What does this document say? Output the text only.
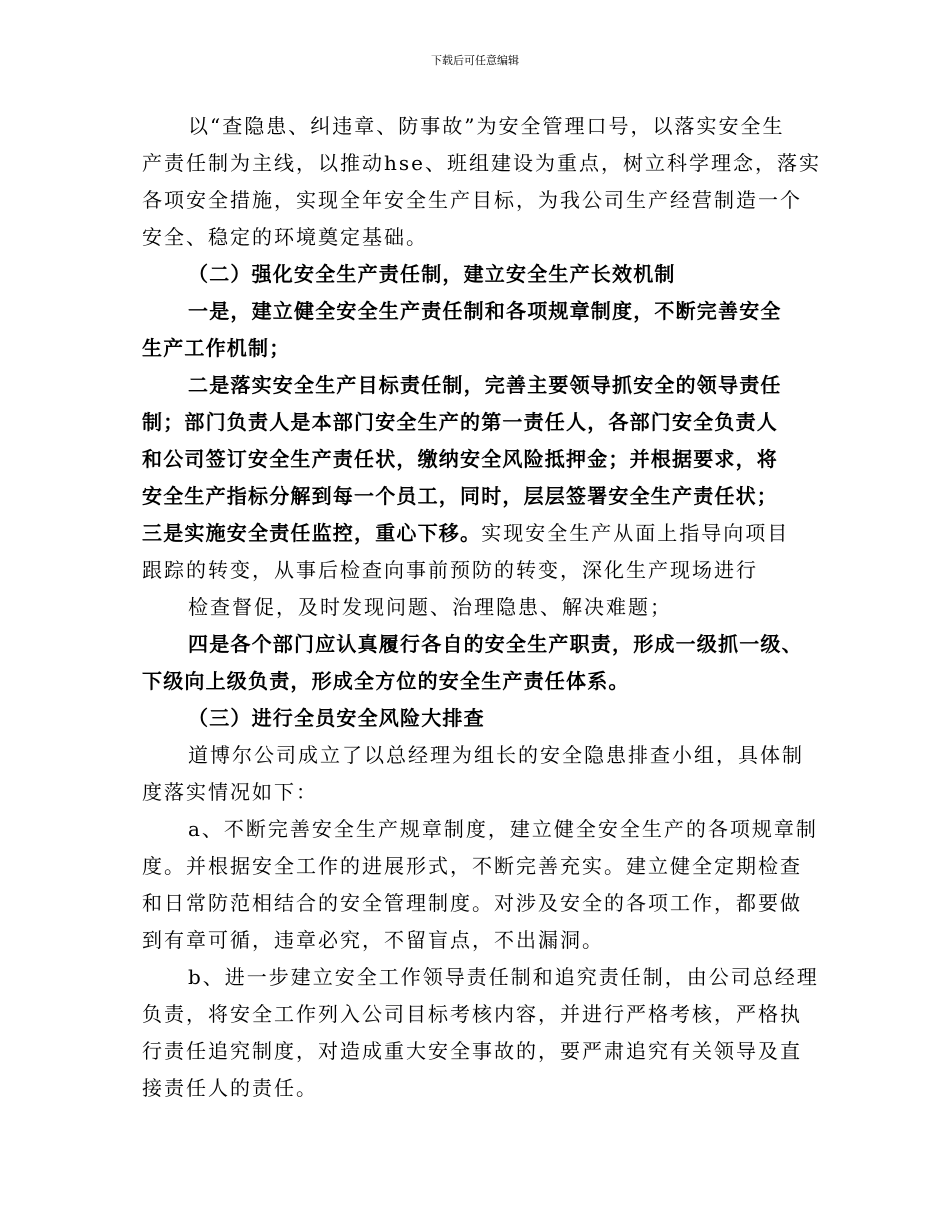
下载后可任意编辑
以“查隐患、纠违章、防事故”为安全管理口号，以落实安全生
产责任制为主线，以推动hse、班组建设为重点，树立科学理念，落实
各项安全措施，实现全年安全生产目标，为我公司生产经营制造一个
安全、稳定的环境奠定基础。
（二）强化安全生产责任制，建立安全生产长效机制
一是，建立健全安全生产责任制和各项规章制度，不断完善安全
生产工作机制；
二是落实安全生产目标责任制，完善主要领导抓安全的领导责任
制；部门负责人是本部门安全生产的第一责任人，各部门安全负责人
和公司签订安全生产责任状，缴纳安全风险抵押金；并根据要求，将
安全生产指标分解到每一个员工，同时，层层签署安全生产责任状；
三是实施安全责任监控，重心下移。实现安全生产从面上指导向项目
跟踪的转变，从事后检查向事前预防的转变，深化生产现场进行
检查督促，及时发现问题、治理隐患、解决难题；
四是各个部门应认真履行各自的安全生产职责，形成一级抓一级、
下级向上级负责，形成全方位的安全生产责任体系。
（三）进行全员安全风险大排查
道博尔公司成立了以总经理为组长的安全隐患排查小组，具体制
度落实情况如下：
a、不断完善安全生产规章制度，建立健全安全生产的各项规章制
度。并根据安全工作的进展形式，不断完善充实。建立健全定期检查
和日常防范相结合的安全管理制度。对涉及安全的各项工作，都要做
到有章可循，违章必究，不留盲点，不出漏洞。
b、进一步建立安全工作领导责任制和追究责任制，由公司总经理
负责，将安全工作列入公司目标考核内容，并进行严格考核，严格执
行责任追究制度，对造成重大安全事故的，要严肃追究有关领导及直
接责任人的责任。
